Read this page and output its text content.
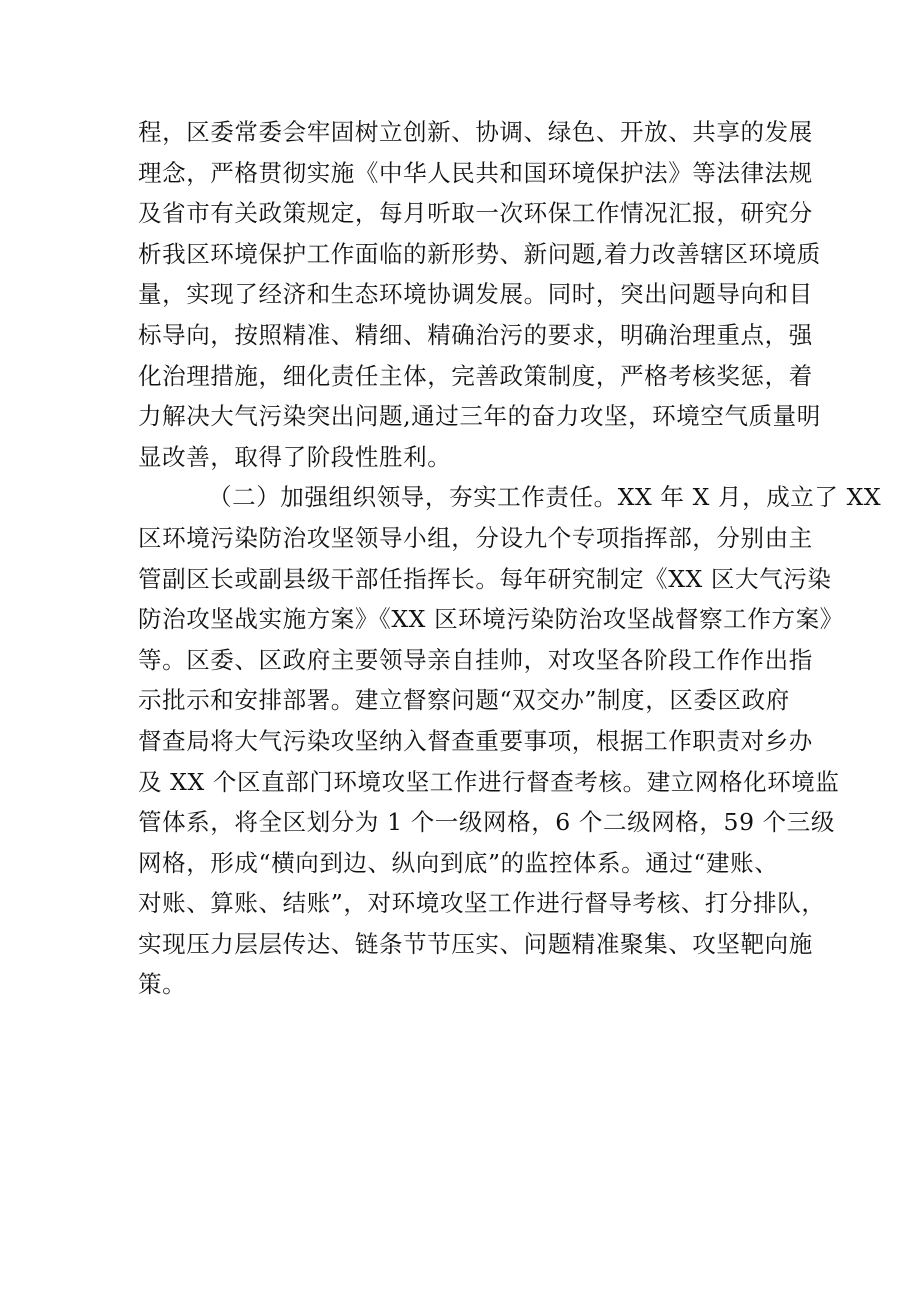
程，区委常委会牢固树立创新、协调、绿色、开放、共享的发展
理念，严格贯彻实施《中华人民共和国环境保护法》等法律法规
及省市有关政策规定，每月听取一次环保工作情况汇报，研究分
析我区环境保护工作面临的新形势、新问题,着力改善辖区环境质
量，实现了经济和生态环境协调发展。同时，突出问题导向和目
标导向，按照精准、精细、精确治污的要求，明确治理重点，强
化治理措施，细化责任主体，完善政策制度，严格考核奖惩，着
力解决大气污染突出问题,通过三年的奋力攻坚，环境空气质量明
显改善，取得了阶段性胜利。
（二）加强组织领导，夯实工作责任。XX 年 X 月，成立了 XX
区环境污染防治攻坚领导小组，分设九个专项指挥部，分别由主
管副区长或副县级干部任指挥长。每年研究制定《XX 区大气污染
防治攻坚战实施方案》《XX 区环境污染防治攻坚战督察工作方案》
等。区委、区政府主要领导亲自挂帅，对攻坚各阶段工作作出指
示批示和安排部署。建立督察问题“双交办”制度，区委区政府
督查局将大气污染攻坚纳入督查重要事项，根据工作职责对乡办
及 XX 个区直部门环境攻坚工作进行督查考核。建立网格化环境监
管体系，将全区划分为 1 个一级网格，6 个二级网格，59 个三级
网格，形成“横向到边、纵向到底”的监控体系。通过“建账、
对账、算账、结账”，对环境攻坚工作进行督导考核、打分排队，
实现压力层层传达、链条节节压实、问题精准聚集、攻坚靶向施
策。
